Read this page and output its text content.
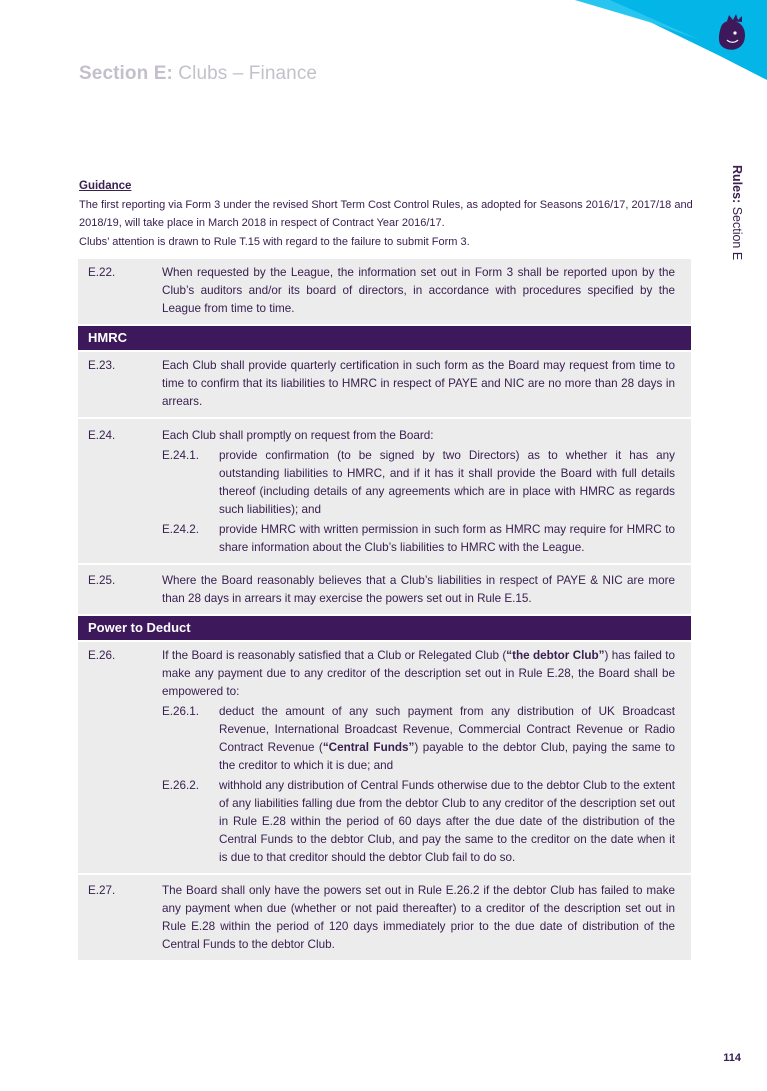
Section E: Clubs – Finance
Rules: Section E
Guidance

The first reporting via Form 3 under the revised Short Term Cost Control Rules, as adopted for Seasons 2016/17, 2017/18 and 2018/19, will take place in March 2018 in respect of Contract Year 2016/17.

Clubs’ attention is drawn to Rule T.15 with regard to the failure to submit Form 3.

E.22.	When requested by the League, the information set out in Form 3 shall be reported upon by the Club’s auditors and/or its board of directors, in accordance with procedures specified by the League from time to time.
HMRC
E.23.	Each Club shall provide quarterly certification in such form as the Board may request from time to time to confirm that its liabilities to HMRC in respect of PAYE and NIC are no more than 28 days in arrears.
E.24.	Each Club shall promptly on request from the Board:
E.24.1.	provide confirmation (to be signed by two Directors) as to whether it has any outstanding liabilities to HMRC, and if it has it shall provide the Board with full details thereof (including details of any agreements which are in place with HMRC as regards such liabilities); and
E.24.2.	provide HMRC with written permission in such form as HMRC may require for HMRC to share information about the Club’s liabilities to HMRC with the League.
E.25.	Where the Board reasonably believes that a Club’s liabilities in respect of PAYE & NIC are more than 28 days in arrears it may exercise the powers set out in Rule E.15.
Power to Deduct
E.26.	If the Board is reasonably satisfied that a Club or Relegated Club (“the debtor Club”) has failed to make any payment due to any creditor of the description set out in Rule E.28, the Board shall be empowered to:
E.26.1.	deduct the amount of any such payment from any distribution of UK Broadcast Revenue, International Broadcast Revenue, Commercial Contract Revenue or Radio Contract Revenue (“Central Funds”) payable to the debtor Club, paying the same to the creditor to which it is due; and
E.26.2.	withhold any distribution of Central Funds otherwise due to the debtor Club to the extent of any liabilities falling due from the debtor Club to any creditor of the description set out in Rule E.28 within the period of 60 days after the due date of the distribution of the Central Funds to the debtor Club, and pay the same to the creditor on the date when it is due to that creditor should the debtor Club fail to do so.
E.27.	The Board shall only have the powers set out in Rule E.26.2 if the debtor Club has failed to make any payment when due (whether or not paid thereafter) to a creditor of the description set out in Rule E.28 within the period of 120 days immediately prior to the due date of distribution of the Central Funds to the debtor Club.
114
